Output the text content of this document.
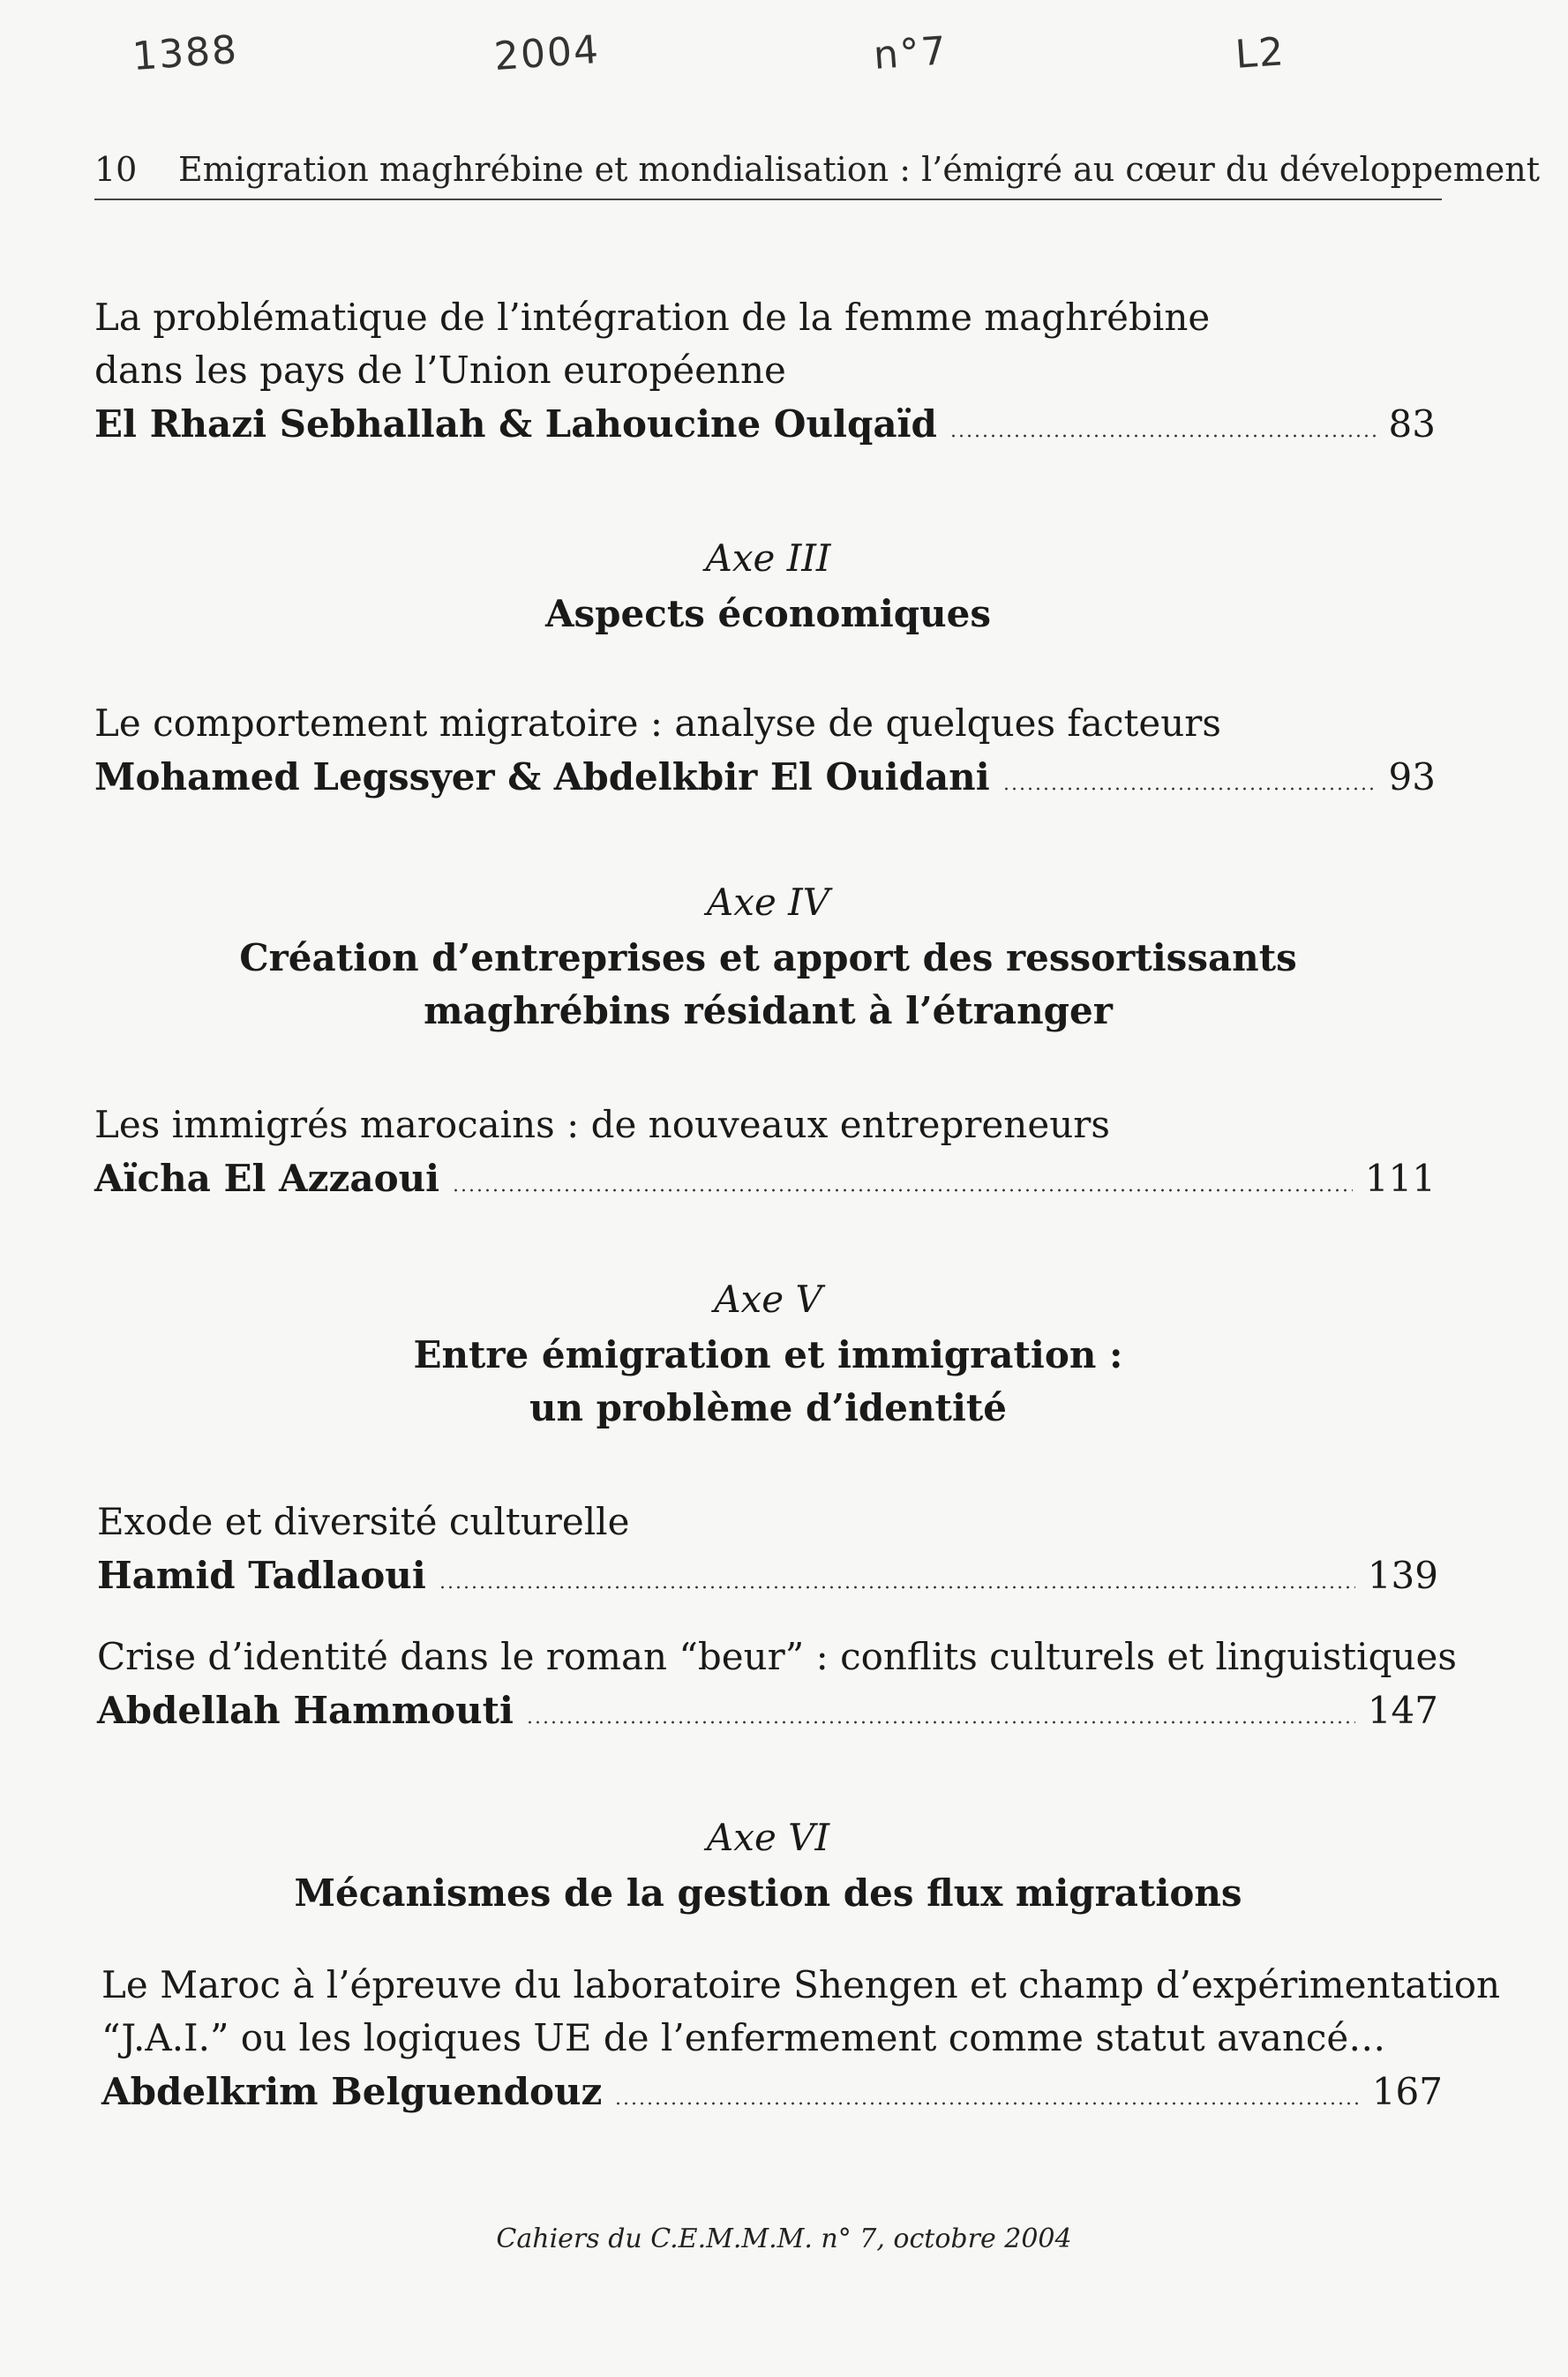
1388	2004	n°7	L2
10 Emigration maghrébine et mondialisation : l’émigré au cœur du développement
La problématique de l’intégration de la femme maghrébine
dans les pays de l’Union européenne
El Rhazi Sebhallah & Lahoucine Oulqaïd	83
Axe III
Aspects économiques
Le comportement migratoire : analyse de quelques facteurs
Mohamed Legssyer & Abdelkbir El Ouidani	93
Axe IV
Création d’entreprises et apport des ressortissants
maghrébins résidant à l’étranger
Les immigrés marocains : de nouveaux entrepreneurs
Aïcha El Azzaoui	111
Axe V
Entre émigration et immigration :
un problème d’identité
Exode et diversité culturelle
Hamid Tadlaoui	139
Crise d’identité dans le roman “beur” : conflits culturels et linguistiques
Abdellah Hammouti	147
Axe VI
Mécanismes de la gestion des flux migrations
Le Maroc à l’épreuve du laboratoire Shengen et champ d’expérimentation
“J.A.I.” ou les logiques UE de l’enfermement comme statut avancé…
Abdelkrim Belguendouz	167
Cahiers du C.E.M.M.M. n° 7, octobre 2004
